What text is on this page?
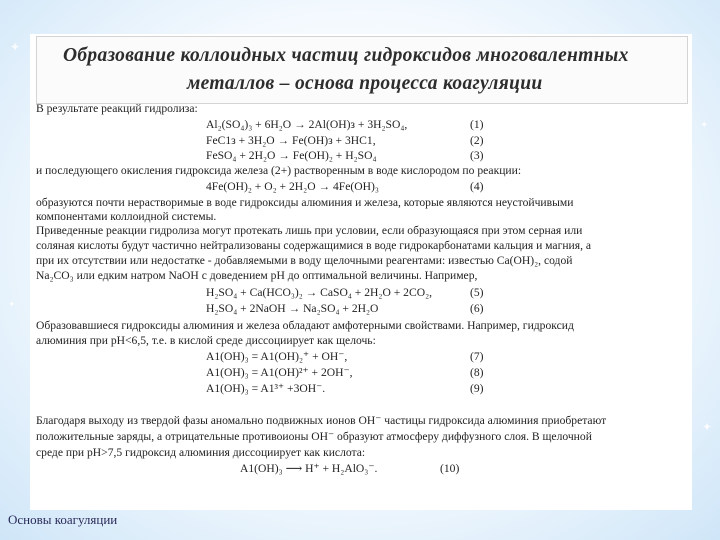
✦
✦
✦
✦
Образование коллоидных частиц гидроксидов многовалентных
металлов – основа процесса коагуляции
В результате реакций гидролиза:
Al₂(SO₄)₃ + 6H₂O → 2Al(OH)з + 3H₂SO₄,	(1)
FeC1з + 3H₂O → Fe(OH)з + 3HC1,	(2)
FeSO₄ + 2H₂O → Fe(OH)₂ + H₂SO₄	(3)
и последующего окисления гидроксида железа (2+) растворенным в воде кислородом по реакции:
4Fe(OH)₂ + O₂ + 2H₂O → 4Fe(OH)₃	(4)
образуются почти нерастворимые в воде гидроксиды алюминия и железа, которые являются неустойчивыми
компонентами коллоидной системы.
Приведенные реакции гидролиза могут протекать лишь при условии, если образующаяся при этом серная или
соляная кислоты будут частично нейтрализованы содержащимися в воде гидрокарбонатами кальция и магния, а
при их отсутствии или недостатке - добавляемыми в воду щелочными реагентами: известью Ca(OH)₂, содой
Na₂CO₃ или едким натром NaOH с доведением pH до оптимальной величины. Например,
H₂SO₄ + Ca(HCO₃)₂ → CaSO₄ + 2H₂O + 2CO₂,	(5)
H₂SO₄ + 2NaOH → Na₂SO₄ + 2H₂O	(6)
Образовавшиеся гидроксиды алюминия и железа обладают амфотерными свойствами. Например, гидроксид
алюминия при pH<6,5, т.е. в кислой среде диссоциирует как щелочь:
A1(OH)₃ = A1(OH)₂⁺ + OH⁻,	(7)
A1(OH)₃ = A1(OH)²⁺ + 2OH⁻,	(8)
A1(OH)₃ = A1³⁺ +3OH⁻.	(9)
Благодаря выходу из твердой фазы аномально подвижных ионов OH⁻ частицы гидроксида алюминия приобретают
положительные заряды, а отрицательные противоионы OH⁻ образуют атмосферу диффузного слоя. В щелочной
среде при pH>7,5 гидроксид алюминия диссоциирует как кислота:
A1(OH)₃ ⟶ H⁺ + H₂AlO₃⁻.	(10)
Основы коагуляции
